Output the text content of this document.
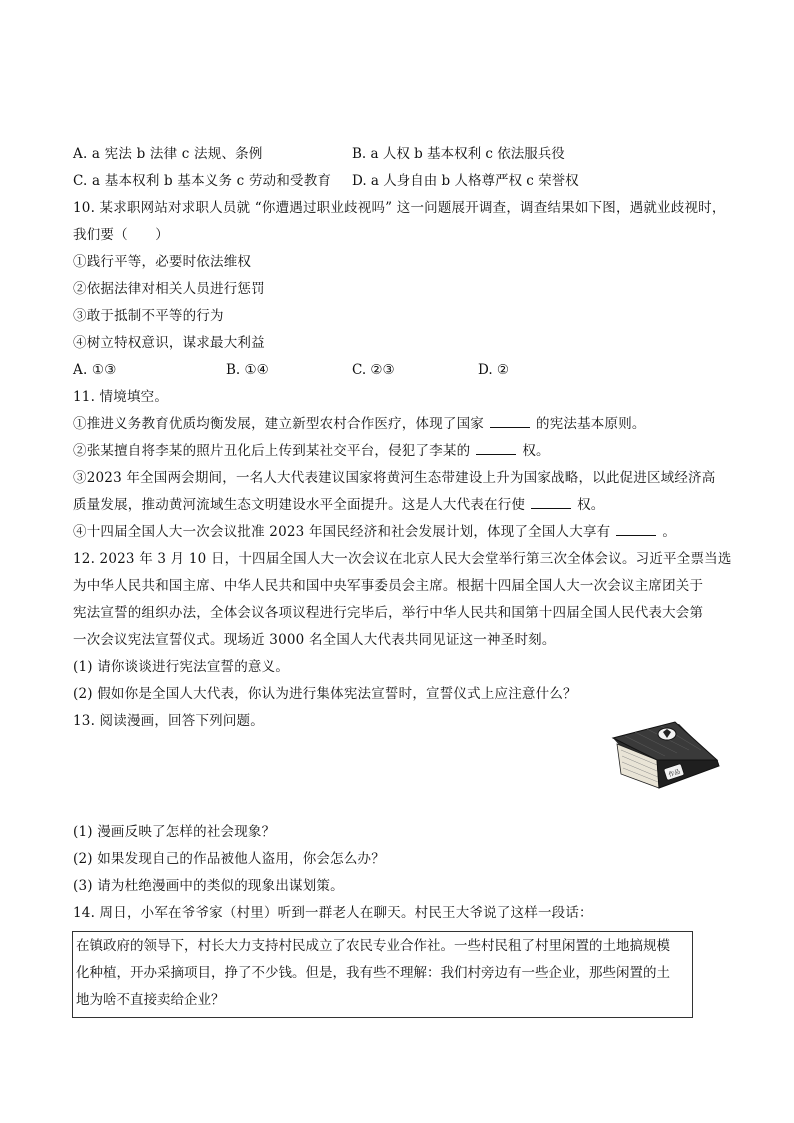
A. a 宪法 b 法律 c 法规、条例	B. a 人权 b 基本权利 c 依法服兵役
C. a 基本权利 b 基本义务 c 劳动和受教育 D. a 人身自由 b 人格尊严权 c 荣誉权
10. 某求职网站对求职人员就 “你遭遇过职业歧视吗” 这一问题展开调查，调查结果如下图，遇就业歧视时，
我们要（　　）
①践行平等，必要时依法维权
②依据法律对相关人员进行惩罚
③敢于抵制不平等的行为
④树立特权意识，谋求最大利益
A. ①③	B. ①④	C. ②③	D. ②
11. 情境填空。
①推进义务教育优质均衡发展，建立新型农村合作医疗，体现了国家	的宪法基本原则。
②张某擅自将李某的照片丑化后上传到某社交平台，侵犯了李某的	权。
③2023 年全国两会期间，一名人大代表建议国家将黄河生态带建设上升为国家战略，以此促进区域经济高
质量发展，推动黄河流域生态文明建设水平全面提升。这是人大代表在行使	权。
④十四届全国人大一次会议批准 2023 年国民经济和社会发展计划，体现了全国人大享有	。
12. 2023 年 3 月 10 日，十四届全国人大一次会议在北京人民大会堂举行第三次全体会议。习近平全票当选
为中华人民共和国主席、中华人民共和国中央军事委员会主席。根据十四届全国人大一次会议主席团关于
宪法宣誓的组织办法，全体会议各项议程进行完毕后，举行中华人民共和国第十四届全国人民代表大会第
一次会议宪法宣誓仪式。现场近 3000 名全国人大代表共同见证这一神圣时刻。
(1) 请你谈谈进行宪法宣誓的意义。
(2) 假如你是全国人大代表，你认为进行集体宪法宣誓时，宣誓仪式上应注意什么？
13. 阅读漫画，回答下列问题。
作品
(1) 漫画反映了怎样的社会现象？
(2) 如果发现自己的作品被他人盗用，你会怎么办？
(3) 请为杜绝漫画中的类似的现象出谋划策。
14. 周日，小军在爷爷家（村里）听到一群老人在聊天。村民王大爷说了这样一段话：
在镇政府的领导下，村长大力支持村民成立了农民专业合作社。一些村民租了村里闲置的土地搞规模
化种植，开办采摘项目，挣了不少钱。但是，我有些不理解：我们村旁边有一些企业，那些闲置的土
地为啥不直接卖给企业？
